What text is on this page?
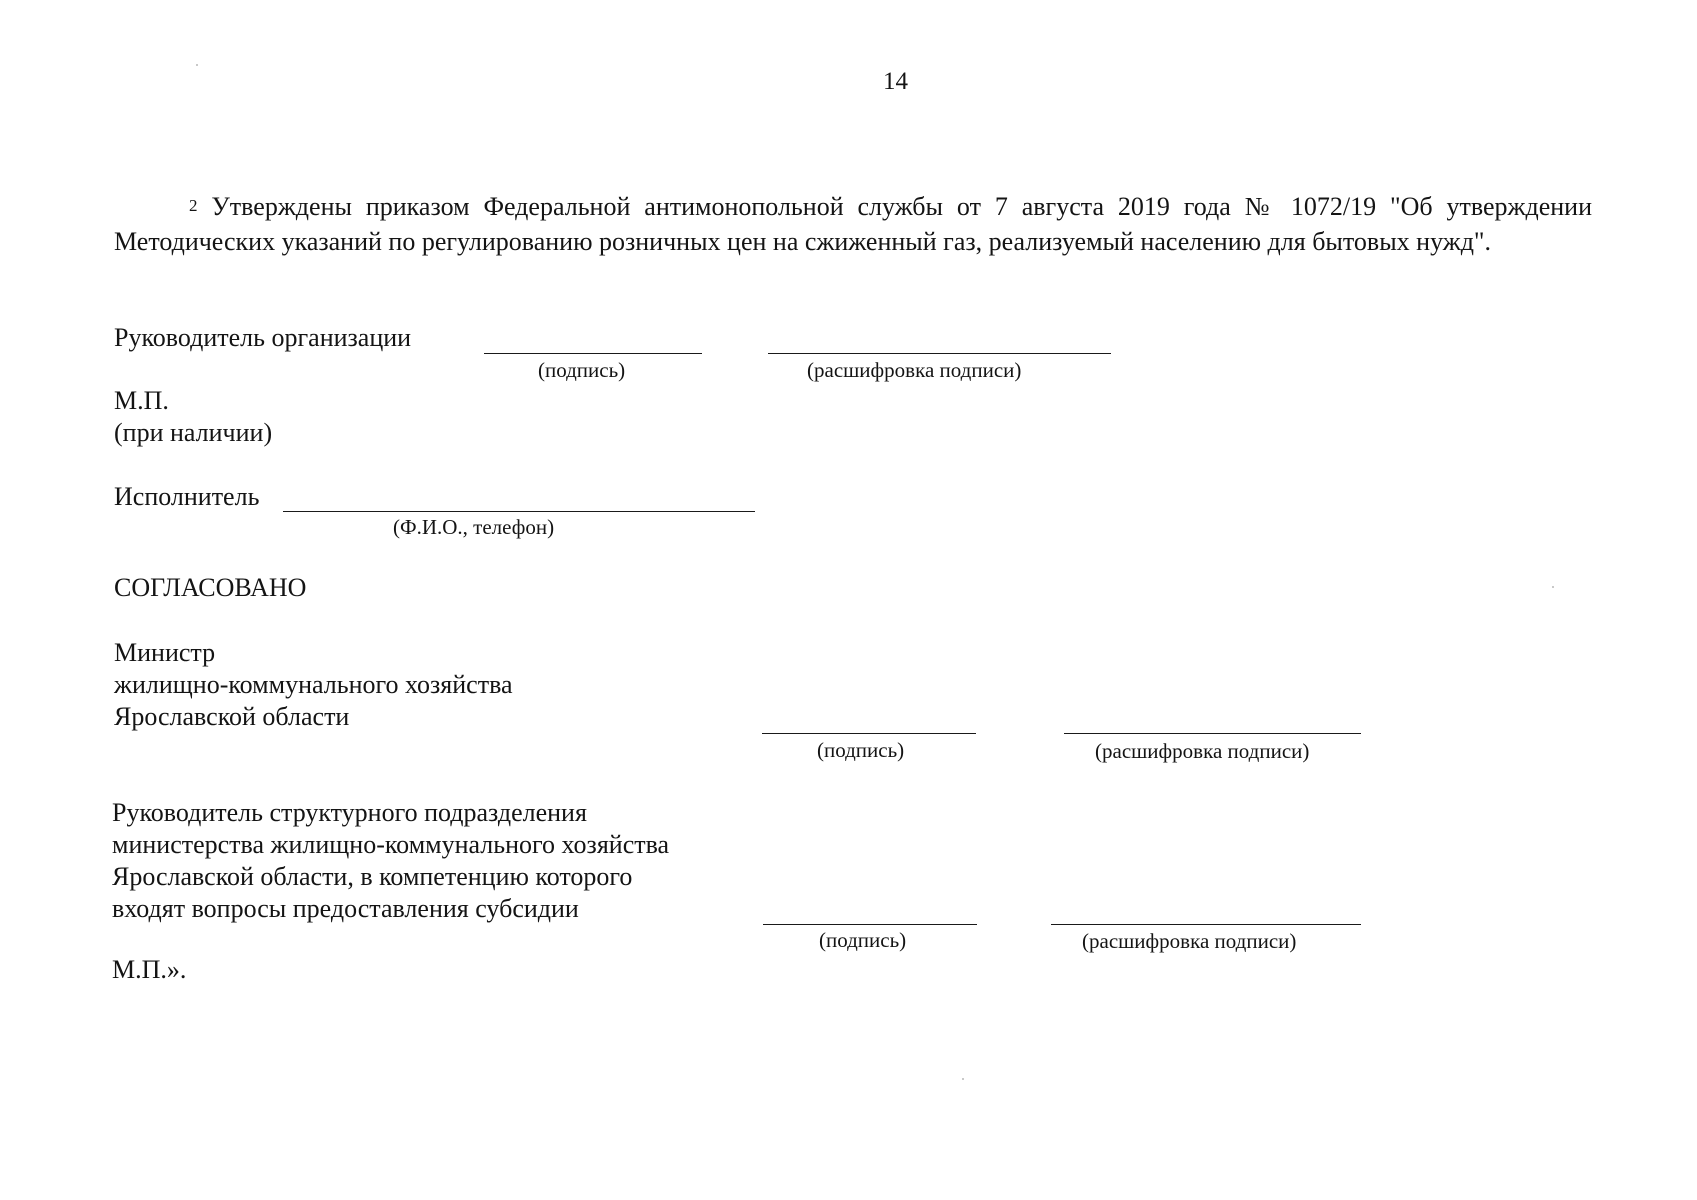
14
$^2$ Утверждены приказом Федеральной антимонопольной службы от 7 августа 2019 года № 1072/19 "Об утверждении Методических указаний по регулированию розничных цен на сжиженный газ, реализуемый населению для бытовых нужд".
Руководитель организации
(подпись)	(расшифровка подписи)
М.П.
(при наличии)
Исполнитель
(Ф.И.О., телефон)
СОГЛАСОВАНО
Министр
жилищно-коммунального хозяйства
Ярославской области
(подпись)	(расшифровка подписи)
Руководитель структурного подразделения
министерства жилищно-коммунального хозяйства
Ярославской области, в компетенцию которого
входят вопросы предоставления субсидии
(подпись)	(расшифровка подписи)
М.П.».
